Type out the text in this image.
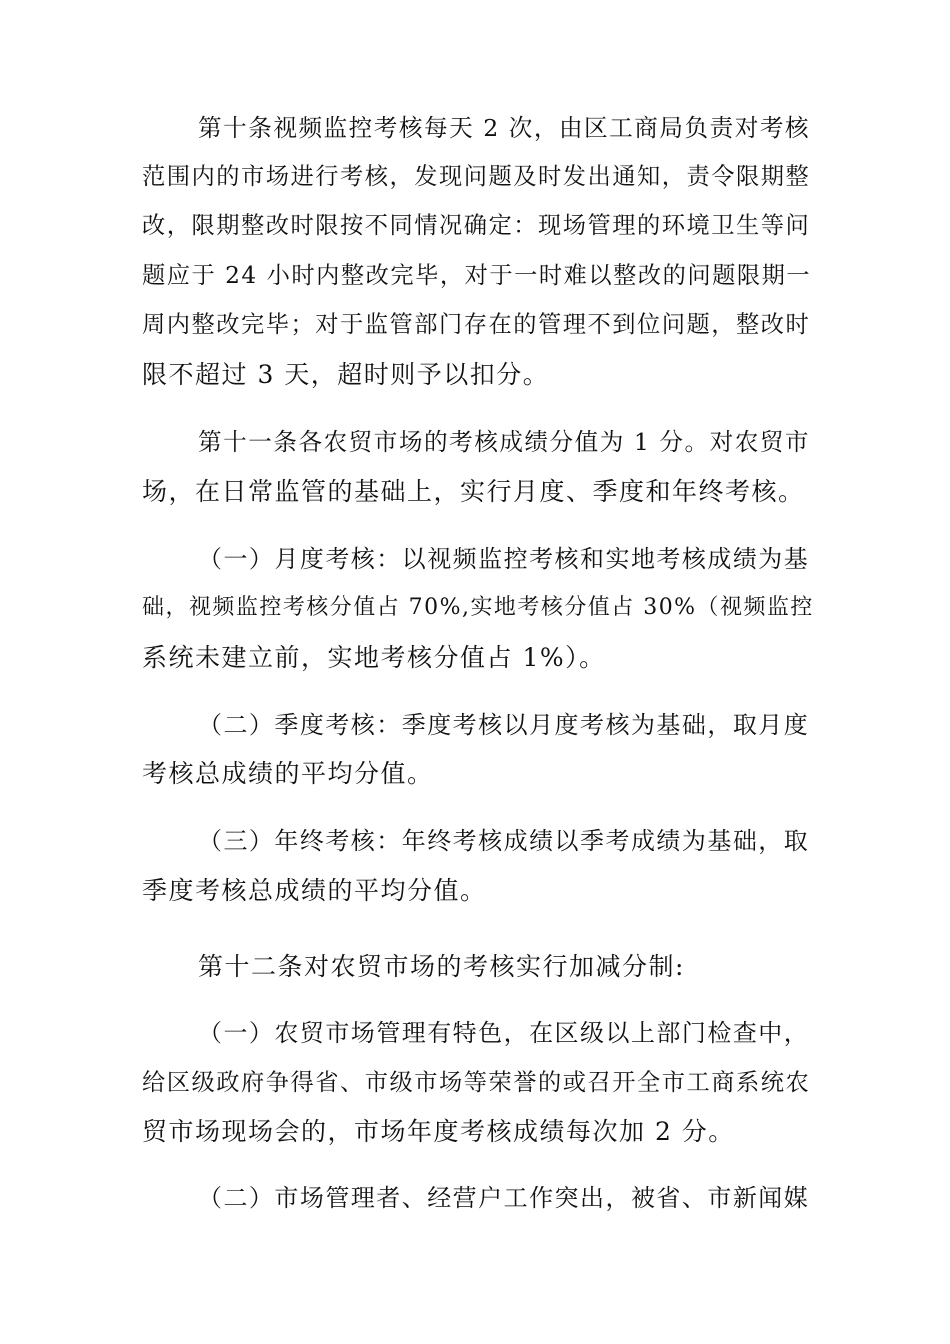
第十条视频监控考核每天 2 次，由区工商局负责对考核
范围内的市场进行考核，发现问题及时发出通知，责令限期整
改，限期整改时限按不同情况确定：现场管理的环境卫生等问
题应于 24 小时内整改完毕，对于一时难以整改的问题限期一
周内整改完毕；对于监管部门存在的管理不到位问题，整改时
限不超过 3 天，超时则予以扣分。
第十一条各农贸市场的考核成绩分值为 1 分。对农贸市
场，在日常监管的基础上，实行月度、季度和年终考核。
（一）月度考核：以视频监控考核和实地考核成绩为基
础，视频监控考核分值占 70%,实地考核分值占 30%（视频监控
系统未建立前，实地考核分值占 1%）。
（二）季度考核：季度考核以月度考核为基础，取月度
考核总成绩的平均分值。
（三）年终考核：年终考核成绩以季考成绩为基础，取
季度考核总成绩的平均分值。
第十二条对农贸市场的考核实行加减分制:
（一）农贸市场管理有特色，在区级以上部门检查中，
给区级政府争得省、市级市场等荣誉的或召开全市工商系统农
贸市场现场会的，市场年度考核成绩每次加 2 分。
（二）市场管理者、经营户工作突出，被省、市新闻媒
